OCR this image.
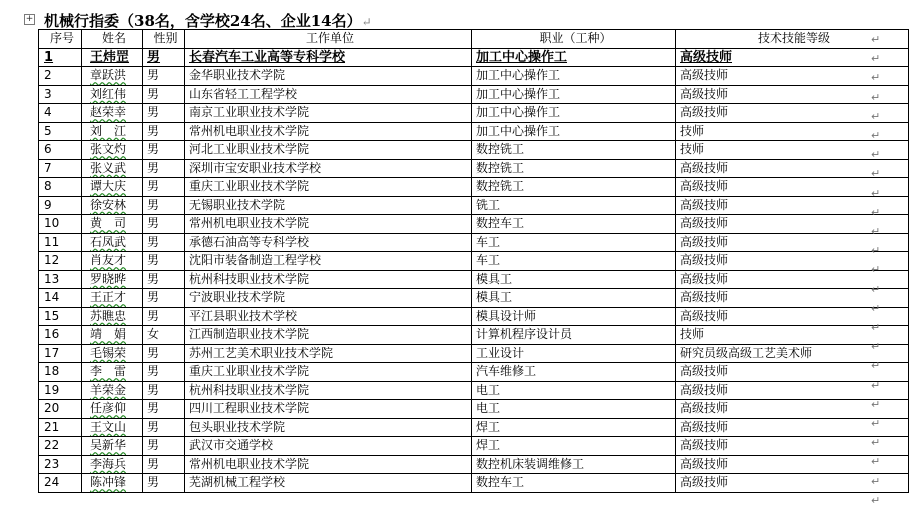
+ 机械行指委（38名，含学校24名、企业14名）↵
序号	姓名	性别	工作单位	职业（工种）	技术技能等级
1	王炜罡	男	长春汽车工业高等专科学校	加工中心操作工	高级技师
2	章跃洪	男	金华职业技术学院	加工中心操作工	高级技师
3	刘红伟	男	山东省轻工工程学校	加工中心操作工	高级技师
4	赵荣幸	男	南京工业职业技术学院	加工中心操作工	高级技师
5	刘　江	男	常州机电职业技术学院	加工中心操作工	技师
6	张文灼	男	河北工业职业技术学院	数控铣工	技师
7	张义武	男	深圳市宝安职业技术学校	数控铣工	高级技师
8	谭大庆	男	重庆工业职业技术学院	数控铣工	高级技师
9	徐安林	男	无锡职业技术学院	铣工	高级技师
10	黄　司	男	常州机电职业技术学院	数控车工	高级技师
11	石凤武	男	承德石油高等专科学校	车工	高级技师
12	肖友才	男	沈阳市装备制造工程学校	车工	高级技师
13	罗晓晔	男	杭州科技职业技术学院	模具工	高级技师
14	王正才	男	宁波职业技术学院	模具工	高级技师
15	苏瞧忠	男	平江县职业技术学校	模具设计师	高级技师
16	靖　娟	女	江西制造职业技术学院	计算机程序设计员	技师
17	毛锡荣	男	苏州工艺美术职业技术学院	工业设计	研究员级高级工艺美术师
18	李　雷	男	重庆工业职业技术学院	汽车维修工	高级技师
19	羊荣金	男	杭州科技职业技术学院	电工	高级技师
20	任彦仰	男	四川工程职业技术学院	电工	高级技师
21	王文山	男	包头职业技术学院	焊工	高级技师
22	吴新华	男	武汉市交通学校	焊工	高级技师
23	李海兵	男	常州机电职业技术学院	数控机床装调维修工	高级技师
24	陈冲锋	男	芜湖机械工程学校	数控车工	高级技师
↵
↵
↵
↵
↵
↵
↵
↵
↵
↵
↵
↵
↵
↵
↵
↵
↵
↵
↵
↵
↵
↵
↵
↵
↵
